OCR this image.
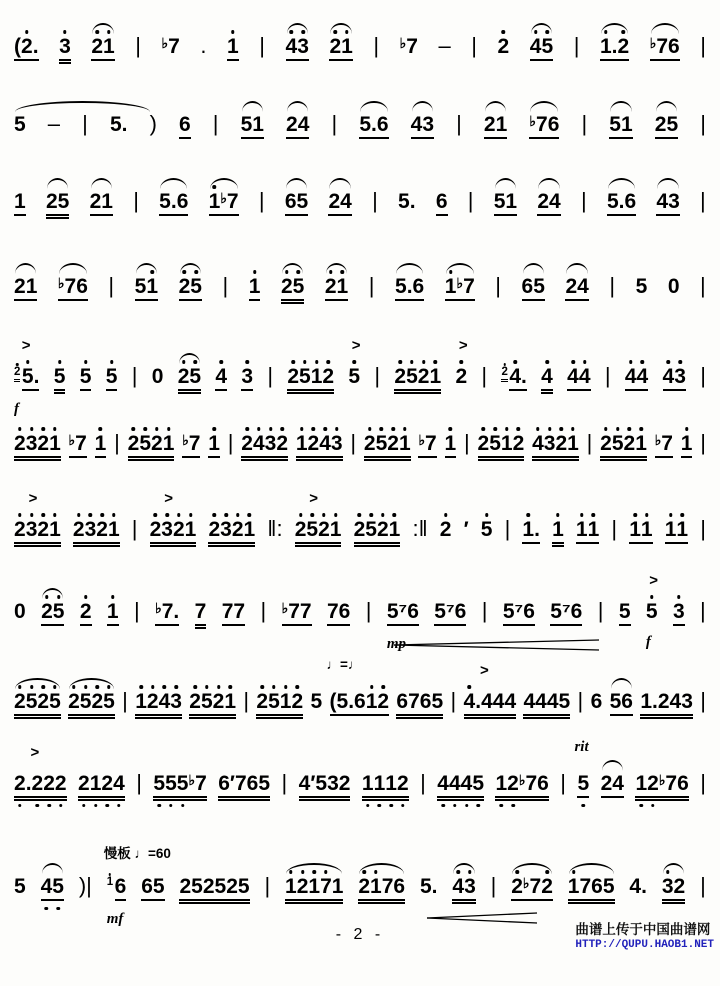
(2. 3 21 | ♭7 . 1 | 43 21 | ♭7 – | 2 45 | 1.2 ♭76 |
5 – | 5. ) 6 | 51 24 | 5.6 43 | 21 ♭76 | 51 25 |
1 25 21 | 5.6 1♭7 | 65 24 | 5. 6 | 51 24 | 5.6 43 |
21 ♭76 | 51 25 | 1 25 21 | 5.6 1♭7 | 65 24 | 5 0 |
25.
>
f
5 5 5 | 0 25 4 3 | 2512 5
>
| 2521 2
>
| 24. 4 44 | 44 43 |
2321 ♭7 1 | 2521 ♭7 1 | 2432 1243 | 2521 ♭7 1 | 2512 4321 | 2521 ♭7 1 |
2321
>
2321 | 2321
>
2321 ‖: 2521
>
2521 :‖ 2 ′ 5 | 1. 1 11 | 11 11 |
0 25 2 1 | ♭7. 7 77 | ♭77 76 | 5⁷6
mp
5⁷6 | 5⁷6 5⁷6 | 5 5
>
f
3 |
2525 2525 | 1243 2521 | 2512 5 (5.612
♩=♩
6765 | 4.444
>
4445 | 6 56 1.243 |
2.222
>
2124 | 555♭7 6′765 | 4′532 1112 | 4445 12♭76 | 5
rit
24 12♭76 |
5 45 )| 16
慢板 ♩=60
mf
65 252525 | 12171 2176 5. 43 | 2♭72 1765 4. 32 |
- 2 -	曲谱上传于中国曲谱网
HTTP://QUPU.HAOB1.NET
